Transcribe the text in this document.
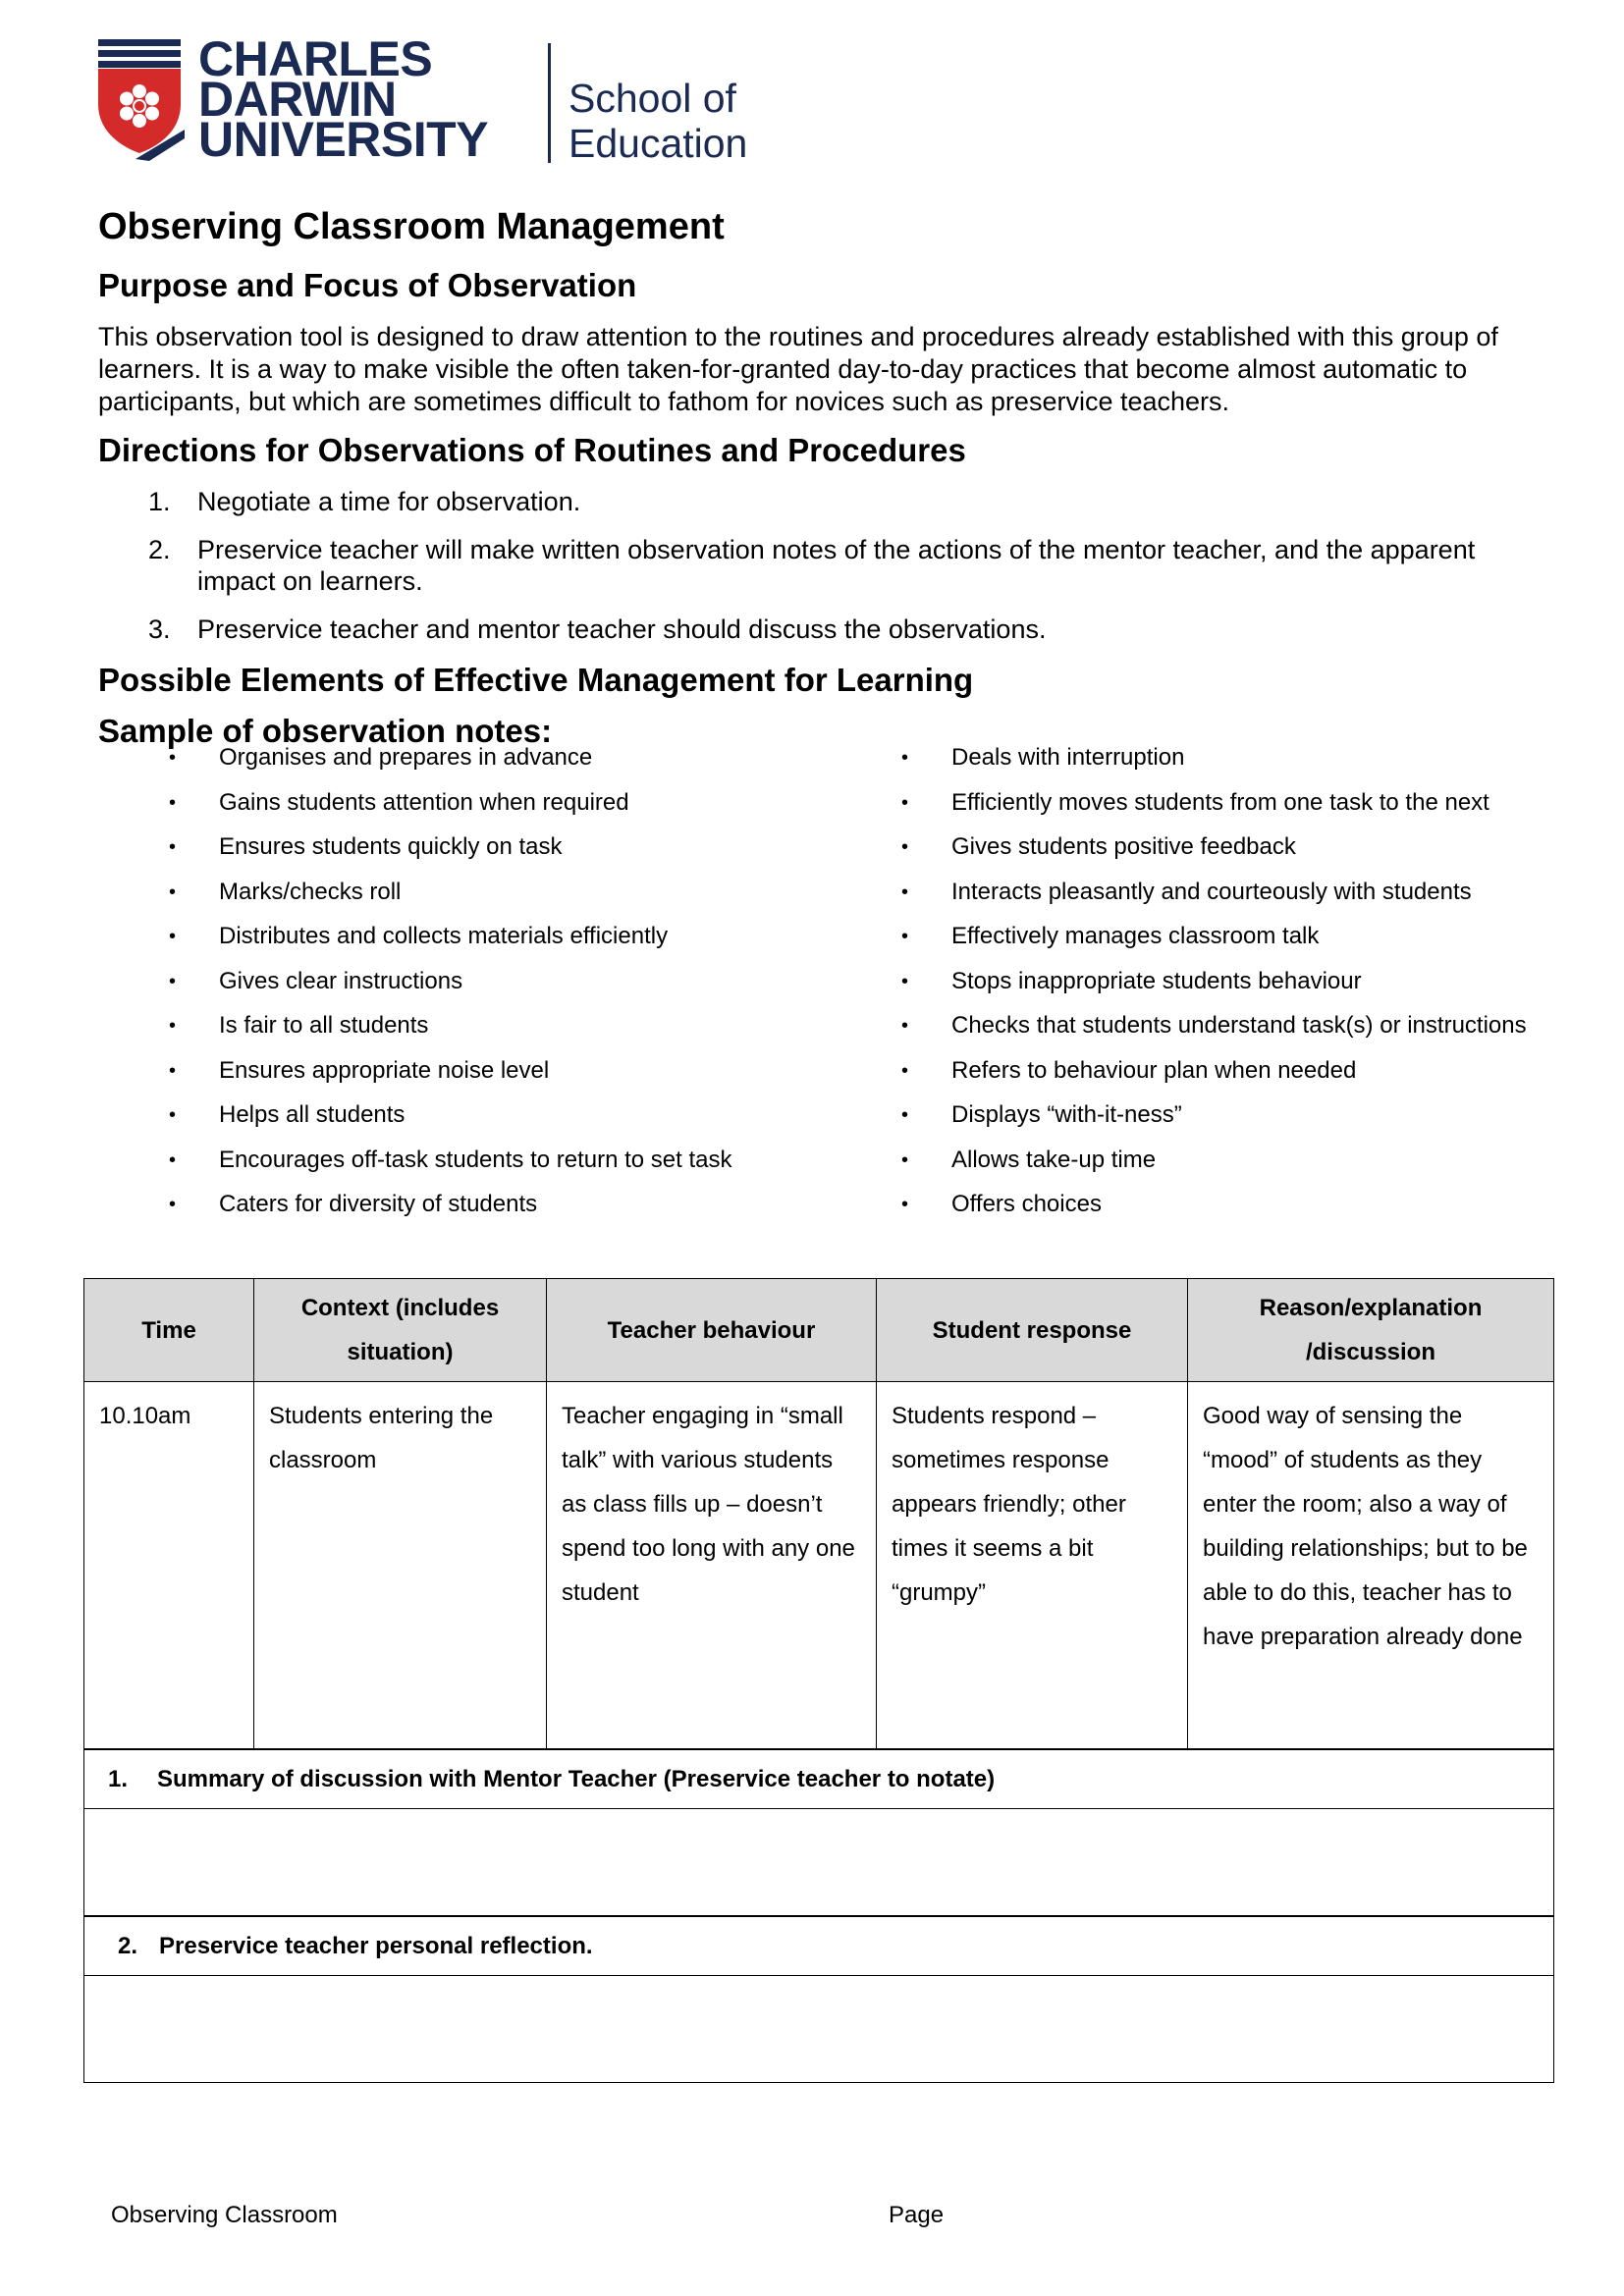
CHARLES
DARWIN
UNIVERSITY
School of
Education
Observing Classroom Management
Purpose and Focus of Observation

This observation tool is designed to draw attention to the routines and procedures already established with this group of learners. It is a way to make visible the often taken-for-granted day-to-day practices that become almost automatic to participants, but which are sometimes difficult to fathom for novices such as preservice teachers.

Directions for Observations of Routines and Procedures
1. Negotiate a time for observation.
2. Preservice teacher will make written observation notes of the actions of the mentor teacher, and the apparent impact on learners.
3. Preservice teacher and mentor teacher should discuss the observations.
Possible Elements of Effective Management for Learning
Sample of observation notes:
• Organises and prepares in advance
• Gains students attention when required
• Ensures students quickly on task
• Marks/checks roll
• Distributes and collects materials efficiently
• Gives clear instructions
• Is fair to all students
• Ensures appropriate noise level
• Helps all students
• Encourages off-task students to return to set task
• Caters for diversity of students
• Deals with interruption
• Efficiently moves students from one task to the next
• Gives students positive feedback
• Interacts pleasantly and courteously with students
• Effectively manages classroom talk
• Stops inappropriate students behaviour
• Checks that students understand task(s) or instructions
• Refers to behaviour plan when needed
• Displays “with-it-ness”
• Allows take-up time
• Offers choices
Time	Context (includes situation)	Teacher behaviour	Student response	Reason/explanation /discussion
10.10am	Students entering the classroom	Teacher engaging in “small talk” with various students as class fills up – doesn’t spend too long with any one student	Students respond – sometimes response appears friendly; other times it seems a bit “grumpy”	Good way of sensing the “mood” of students as they enter the room; also a way of building relationships; but to be able to do this, teacher has to have preparation already done
1. Summary of discussion with Mentor Teacher (Preservice teacher to notate)				

2. Preservice teacher personal reflection.				

Observing Classroom	Page
